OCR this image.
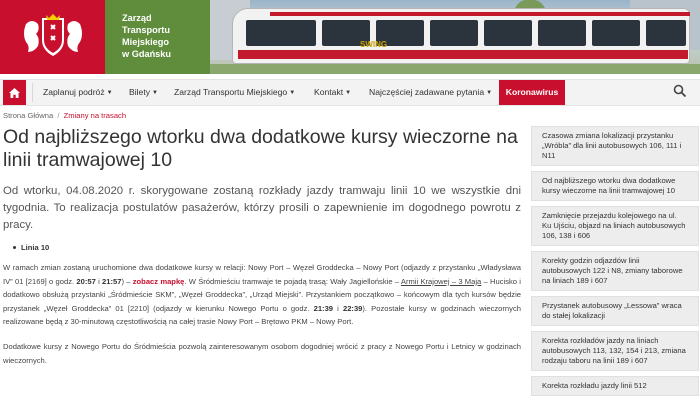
Zarząd
Transportu
Miejskiego
w Gdańsku
SWING
Zaplanuj podróż ▼ Bilety ▼ Zarząd Transportu Miejskiego ▼ Kontakt ▼ Najczęściej zadawane pytania ▼	Koronawirus
Strona Główna / Zmiany na trasach
Od najbliższego wtorku dwa dodatkowe kursy wieczorne na linii tramwajowej 10

Od wtorku, 04.08.2020 r. skorygowane zostaną rozkłady jazdy tramwaju linii 10 we wszystkie dni tygodnia. To realizacja postulatów pasażerów, którzy prosili o zapewnienie im dogodnego powrotu z pracy.

Linia 10

W ramach zmian zostaną uruchomione dwa dodatkowe kursy w relacji: Nowy Port – Węzeł Groddecka – Nowy Port (odjazdy z przystanku „Władysława IV” 01 [2169] o godz. 20:57 i 21:57) – zobacz mapkę. W Śródmieściu tramwaje te pojadą trasą: Wały Jagiellońskie – Armii Krajowej – 3 Maja – Hucisko i dodatkowo obsłużą przystanki „Śródmieście SKM”, „Węzeł Groddecka”, „Urząd Miejski”. Przystankiem początkowo – końcowym dla tych kursów będzie przystanek „Węzeł Groddecka” 01 [2210] (odjazdy w kierunku Nowego Portu o godz. 21:39 i 22:39). Pozostałe kursy w godzinach wieczornych realizowane będą z 30-minutową częstotliwością na całej trasie Nowy Port – Brętowo PKM – Nowy Port.

Dodatkowe kursy z Nowego Portu do Śródmieścia pozwolą zainteresowanym osobom dogodniej wrócić z pracy z Nowego Portu i Letnicy w godzinach wieczornych.

Czasowa zmiana lokalizacji przystanku „Wróbla” dla linii autobusowych 106, 111 i N11
Od najbliższego wtorku dwa dodatkowe kursy wieczorne na linii tramwajowej 10
Zamknięcie przejazdu kolejowego na ul. Ku Ujściu, objazd na liniach autobusowych 106, 138 i 606
Korekty godzin odjazdów linii autobusowych 122 i N8, zmiany taborowe na liniach 189 i 607
Przystanek autobusowy „Lessowa” wraca do stałej lokalizacji
Korekta rozkładów jazdy na liniach autobusowych 113, 132, 154 i 213, zmiana rodzaju taboru na linii 189 i 607
Korekta rozkładu jazdy linii 512
